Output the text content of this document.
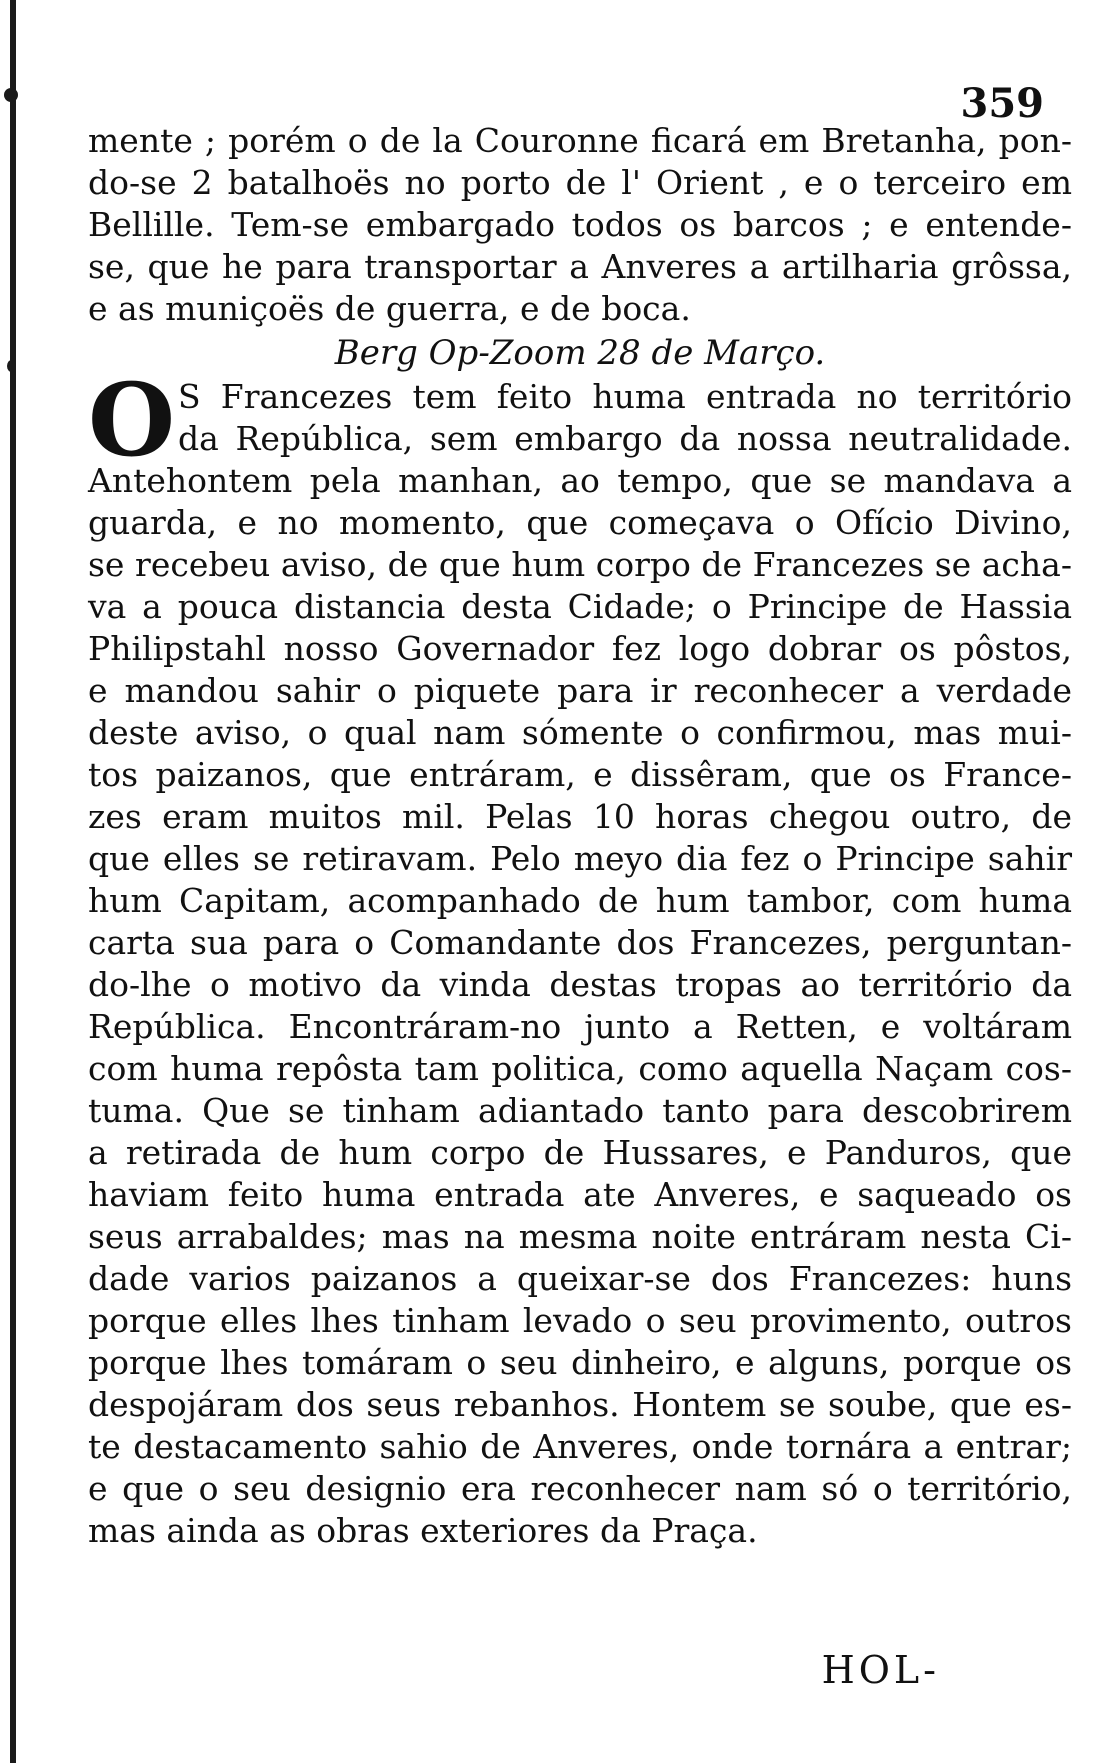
359
mente ; porém o de la Couronne ficará em Bretanha, pon-
do-se 2 batalhoës no porto de l' Orient , e o terceiro em
Bellille. Tem-se embargado todos os barcos ; e entende-
se, que he para transportar a Anveres a artilharia grôssa,
e as muniçoës de guerra, e de boca.
Berg Op-Zoom 28 de Março.
O S Francezes tem feito huma entrada no território
da República, sem embargo da nossa neutralidade.
Antehontem pela manhan, ao tempo, que se mandava a
guarda, e no momento, que começava o Ofício Divino,
se recebeu aviso, de que hum corpo de Francezes se acha-
va a pouca distancia desta Cidade; o Principe de Hassia
Philipstahl nosso Governador fez logo dobrar os pôstos,
e mandou sahir o piquete para ir reconhecer a verdade
deste aviso, o qual nam sómente o confirmou, mas mui-
tos paizanos, que entráram, e dissêram, que os France-
zes eram muitos mil. Pelas 10 horas chegou outro, de
que elles se retiravam. Pelo meyo dia fez o Principe sahir
hum Capitam, acompanhado de hum tambor, com huma
carta sua para o Comandante dos Francezes, perguntan-
do-lhe o motivo da vinda destas tropas ao território da
República. Encontráram-no junto a Retten, e voltáram
com huma repôsta tam politica, como aquella Naçam cos-
tuma. Que se tinham adiantado tanto para descobrirem
a retirada de hum corpo de Hussares, e Panduros, que
haviam feito huma entrada ate Anveres, e saqueado os
seus arrabaldes; mas na mesma noite entráram nesta Ci-
dade varios paizanos a queixar-se dos Francezes: huns
porque elles lhes tinham levado o seu provimento, outros
porque lhes tomáram o seu dinheiro, e alguns, porque os
despojáram dos seus rebanhos. Hontem se soube, que es-
te destacamento sahio de Anveres, onde tornára a entrar;
e que o seu designio era reconhecer nam só o território,
mas ainda as obras exteriores da Praça.
HOL-
